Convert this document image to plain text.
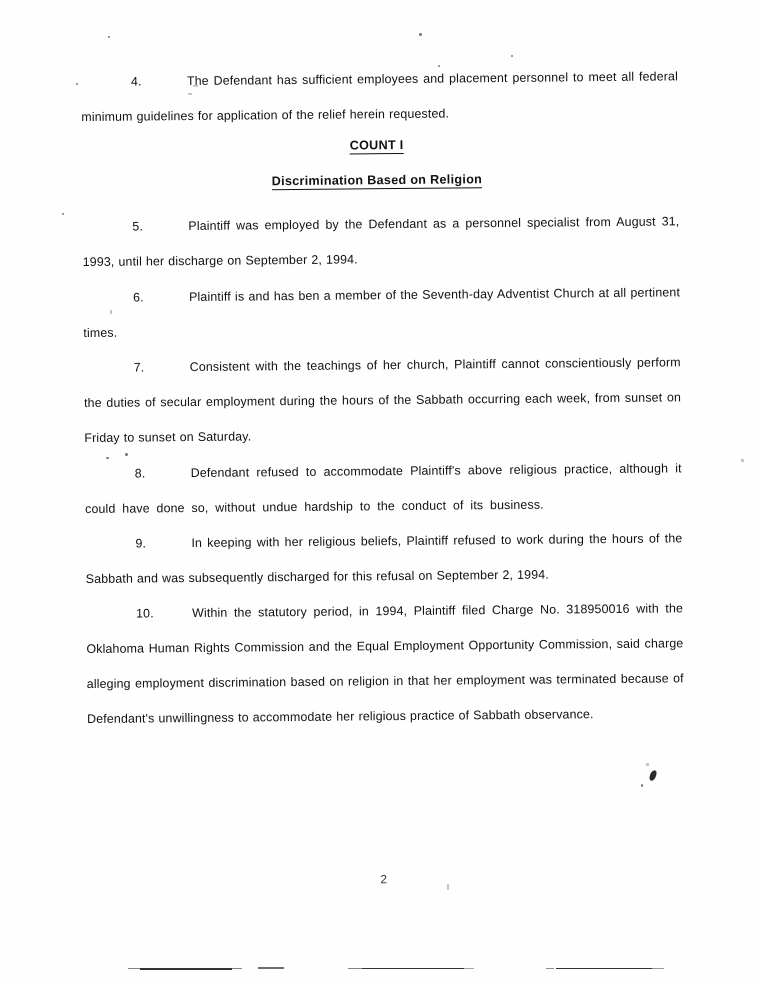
4.	The Defendant has sufficient employees and placement personnel to meet all federal minimum guidelines for application of the relief herein requested.
COUNT I
Discrimination Based on Religion
5.	Plaintiff was employed by the Defendant as a personnel specialist from August 31, 1993, until her discharge on September 2, 1994.
6.	Plaintiff is and has ben a member of the Seventh-day Adventist Church at all pertinent times.
7.	Consistent with the teachings of her church, Plaintiff cannot conscientiously perform the duties of secular employment during the hours of the Sabbath occurring each week, from sunset on Friday to sunset on Saturday.
8.	Defendant refused to accommodate Plaintiff's above religious practice, although it could have done so, without undue hardship to the conduct of its business.
9.	In keeping with her religious beliefs, Plaintiff refused to work during the hours of the Sabbath and was subsequently discharged for this refusal on September 2, 1994.
10.	Within the statutory period, in 1994, Plaintiff filed Charge No. 318950016 with the Oklahoma Human Rights Commission and the Equal Employment Opportunity Commission, said charge alleging employment discrimination based on religion in that her employment was terminated because of Defendant's unwillingness to accommodate her religious practice of Sabbath observance.
2
